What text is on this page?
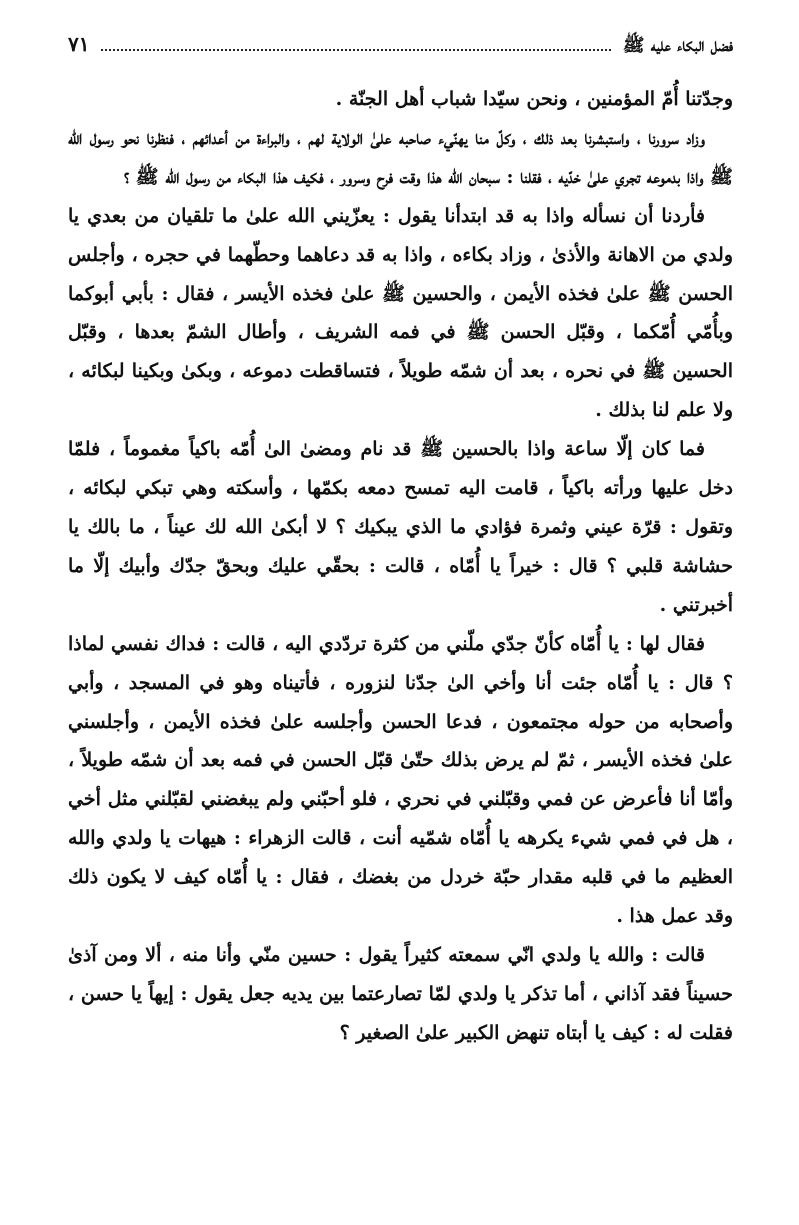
فضل البكاء عليه ﷺ
٧١

وجدّتنا أُمّ المؤمنين ، ونحن سيّدا شباب أهل الجنّة .

وزاد سرورنا ، واستبشرنا بعد ذلك ، وكلّ منا يهنّيء صاحبه علىٰ الولاية لهم ، والبراءة من أعدائهم ، فنظرنا نحو رسول الله ﷺ واذا بدموعه تجري علىٰ خدّيه ، فقلنا : سبحان الله هذا وقت فرح وسرور ، فكيف هذا البكاء من رسول الله ﷺ ؟

فأردنا أن نسأله واذا به قد ابتدأنا يقول : يعزّيني الله علىٰ ما تلقيان من بعدي يا ولدي من الاهانة والأذىٰ ، وزاد بكاءه ، واذا به قد دعاهما وحطّهما في حجره ، وأجلس الحسن ﷺ علىٰ فخذه الأيمن ، والحسين ﷺ علىٰ فخذه الأيسر ، فقال : بأبي أبوكما وبأُمّي أُمّكما ، وقبّل الحسن ﷺ في فمه الشريف ، وأطال الشمّ بعدها ، وقبّل الحسين ﷺ في نحره ، بعد أن شمّه طويلاً ، فتساقطت دموعه ، وبكىٰ وبكينا لبكائه ، ولا علم لنا بذلك .

فما كان إلّا ساعة واذا بالحسين ﷺ قد نام ومضىٰ الىٰ أُمّه باكياً مغموماً ، فلمّا دخل عليها ورأته باكياً ، قامت اليه تمسح دمعه بكمّها ، وأسكته وهي تبكي لبكائه ، وتقول : قرّة عيني وثمرة فؤادي ما الذي يبكيك ؟ لا أبكىٰ الله لك عيناً ، ما بالك يا حشاشة قلبي ؟ قال : خيراً يا أُمّاه ، قالت : بحقّي عليك وبحقّ جدّك وأبيك إلّا ما أخبرتني .

فقال لها : يا أُمّاه كأنّ جدّي ملّني من كثرة تردّدي اليه ، قالت : فداك نفسي لماذا ؟ قال : يا أُمّاه جئت أنا وأخي الىٰ جدّنا لنزوره ، فأتيناه وهو في المسجد ، وأبي وأصحابه من حوله مجتمعون ، فدعا الحسن وأجلسه علىٰ فخذه الأيمن ، وأجلسني علىٰ فخذه الأيسر ، ثمّ لم يرض بذلك حتّىٰ قبّل الحسن في فمه بعد أن شمّه طويلاً ، وأمّا أنا فأعرض عن فمي وقبّلني في نحري ، فلو أحبّني ولم يبغضني لقبّلني مثل أخي ، هل في فمي شيء يكرهه يا أُمّاه شمّيه أنت ، قالت الزهراء : هيهات يا ولدي والله العظيم ما في قلبه مقدار حبّة خردل من بغضك ، فقال : يا أُمّاه كيف لا يكون ذلك وقد عمل هذا .

قالت : والله يا ولدي انّي سمعته كثيراً يقول : حسين منّي وأنا منه ، ألا ومن آذىٰ حسيناً فقد آذاني ، أما تذكر يا ولدي لمّا تصارعتما بين يديه جعل يقول : إيهاً يا حسن ، فقلت له : كيف يا أبتاه تنهض الكبير علىٰ الصغير ؟
